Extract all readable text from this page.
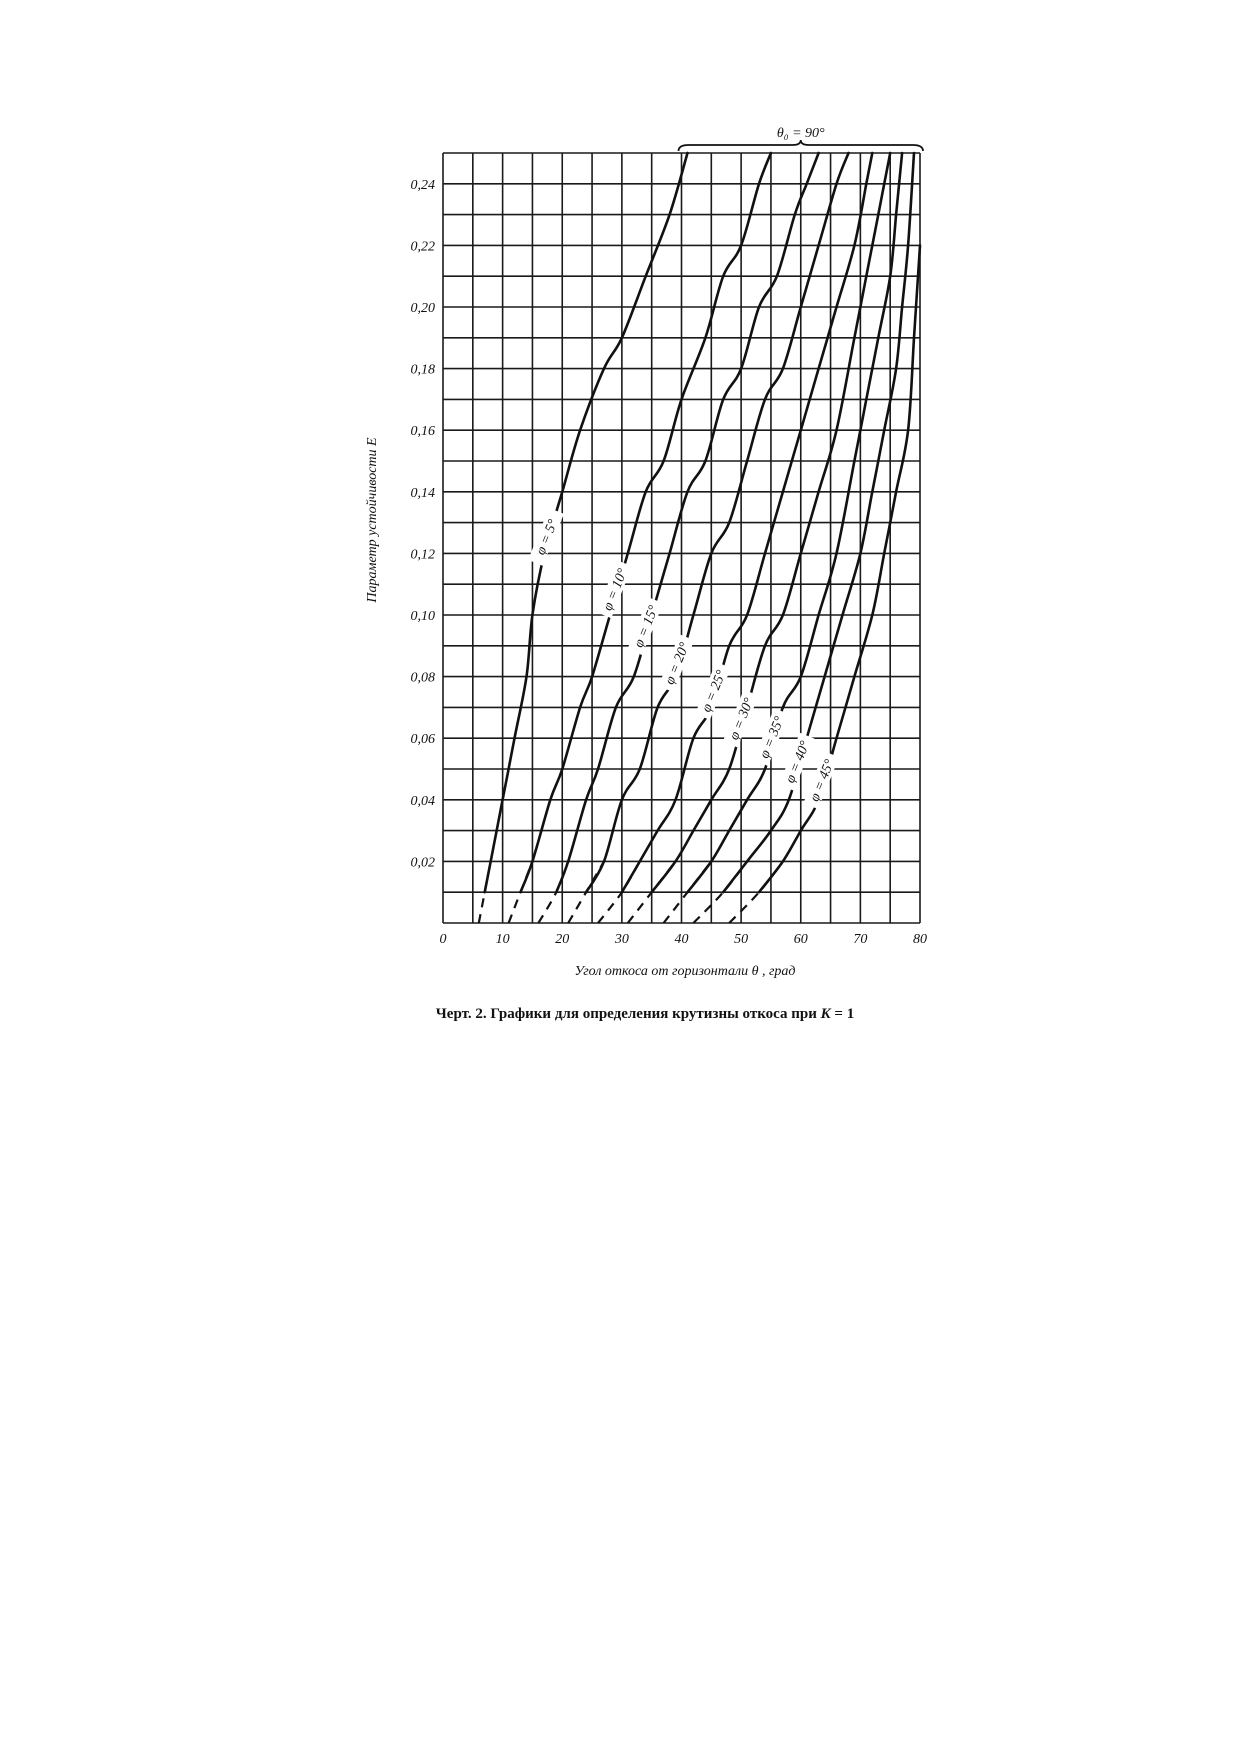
φ = 5°
φ = 10°
φ = 15°
φ = 20°
φ = 25°
φ = 30° φ = 35°
φ = 40°
φ = 45°
0	10	20	30	40	50	60	70	80
0,02
0,04
0,06
0,08
0,10
0,12
0,14
0,16
0,18
0,20
0,22
0,24
θ₀ = 90°
Угол откоса от горизонтали θ , град
Параметр устойчивости E
Черт. 2. Графики для определения крутизны откоса при K = 1
